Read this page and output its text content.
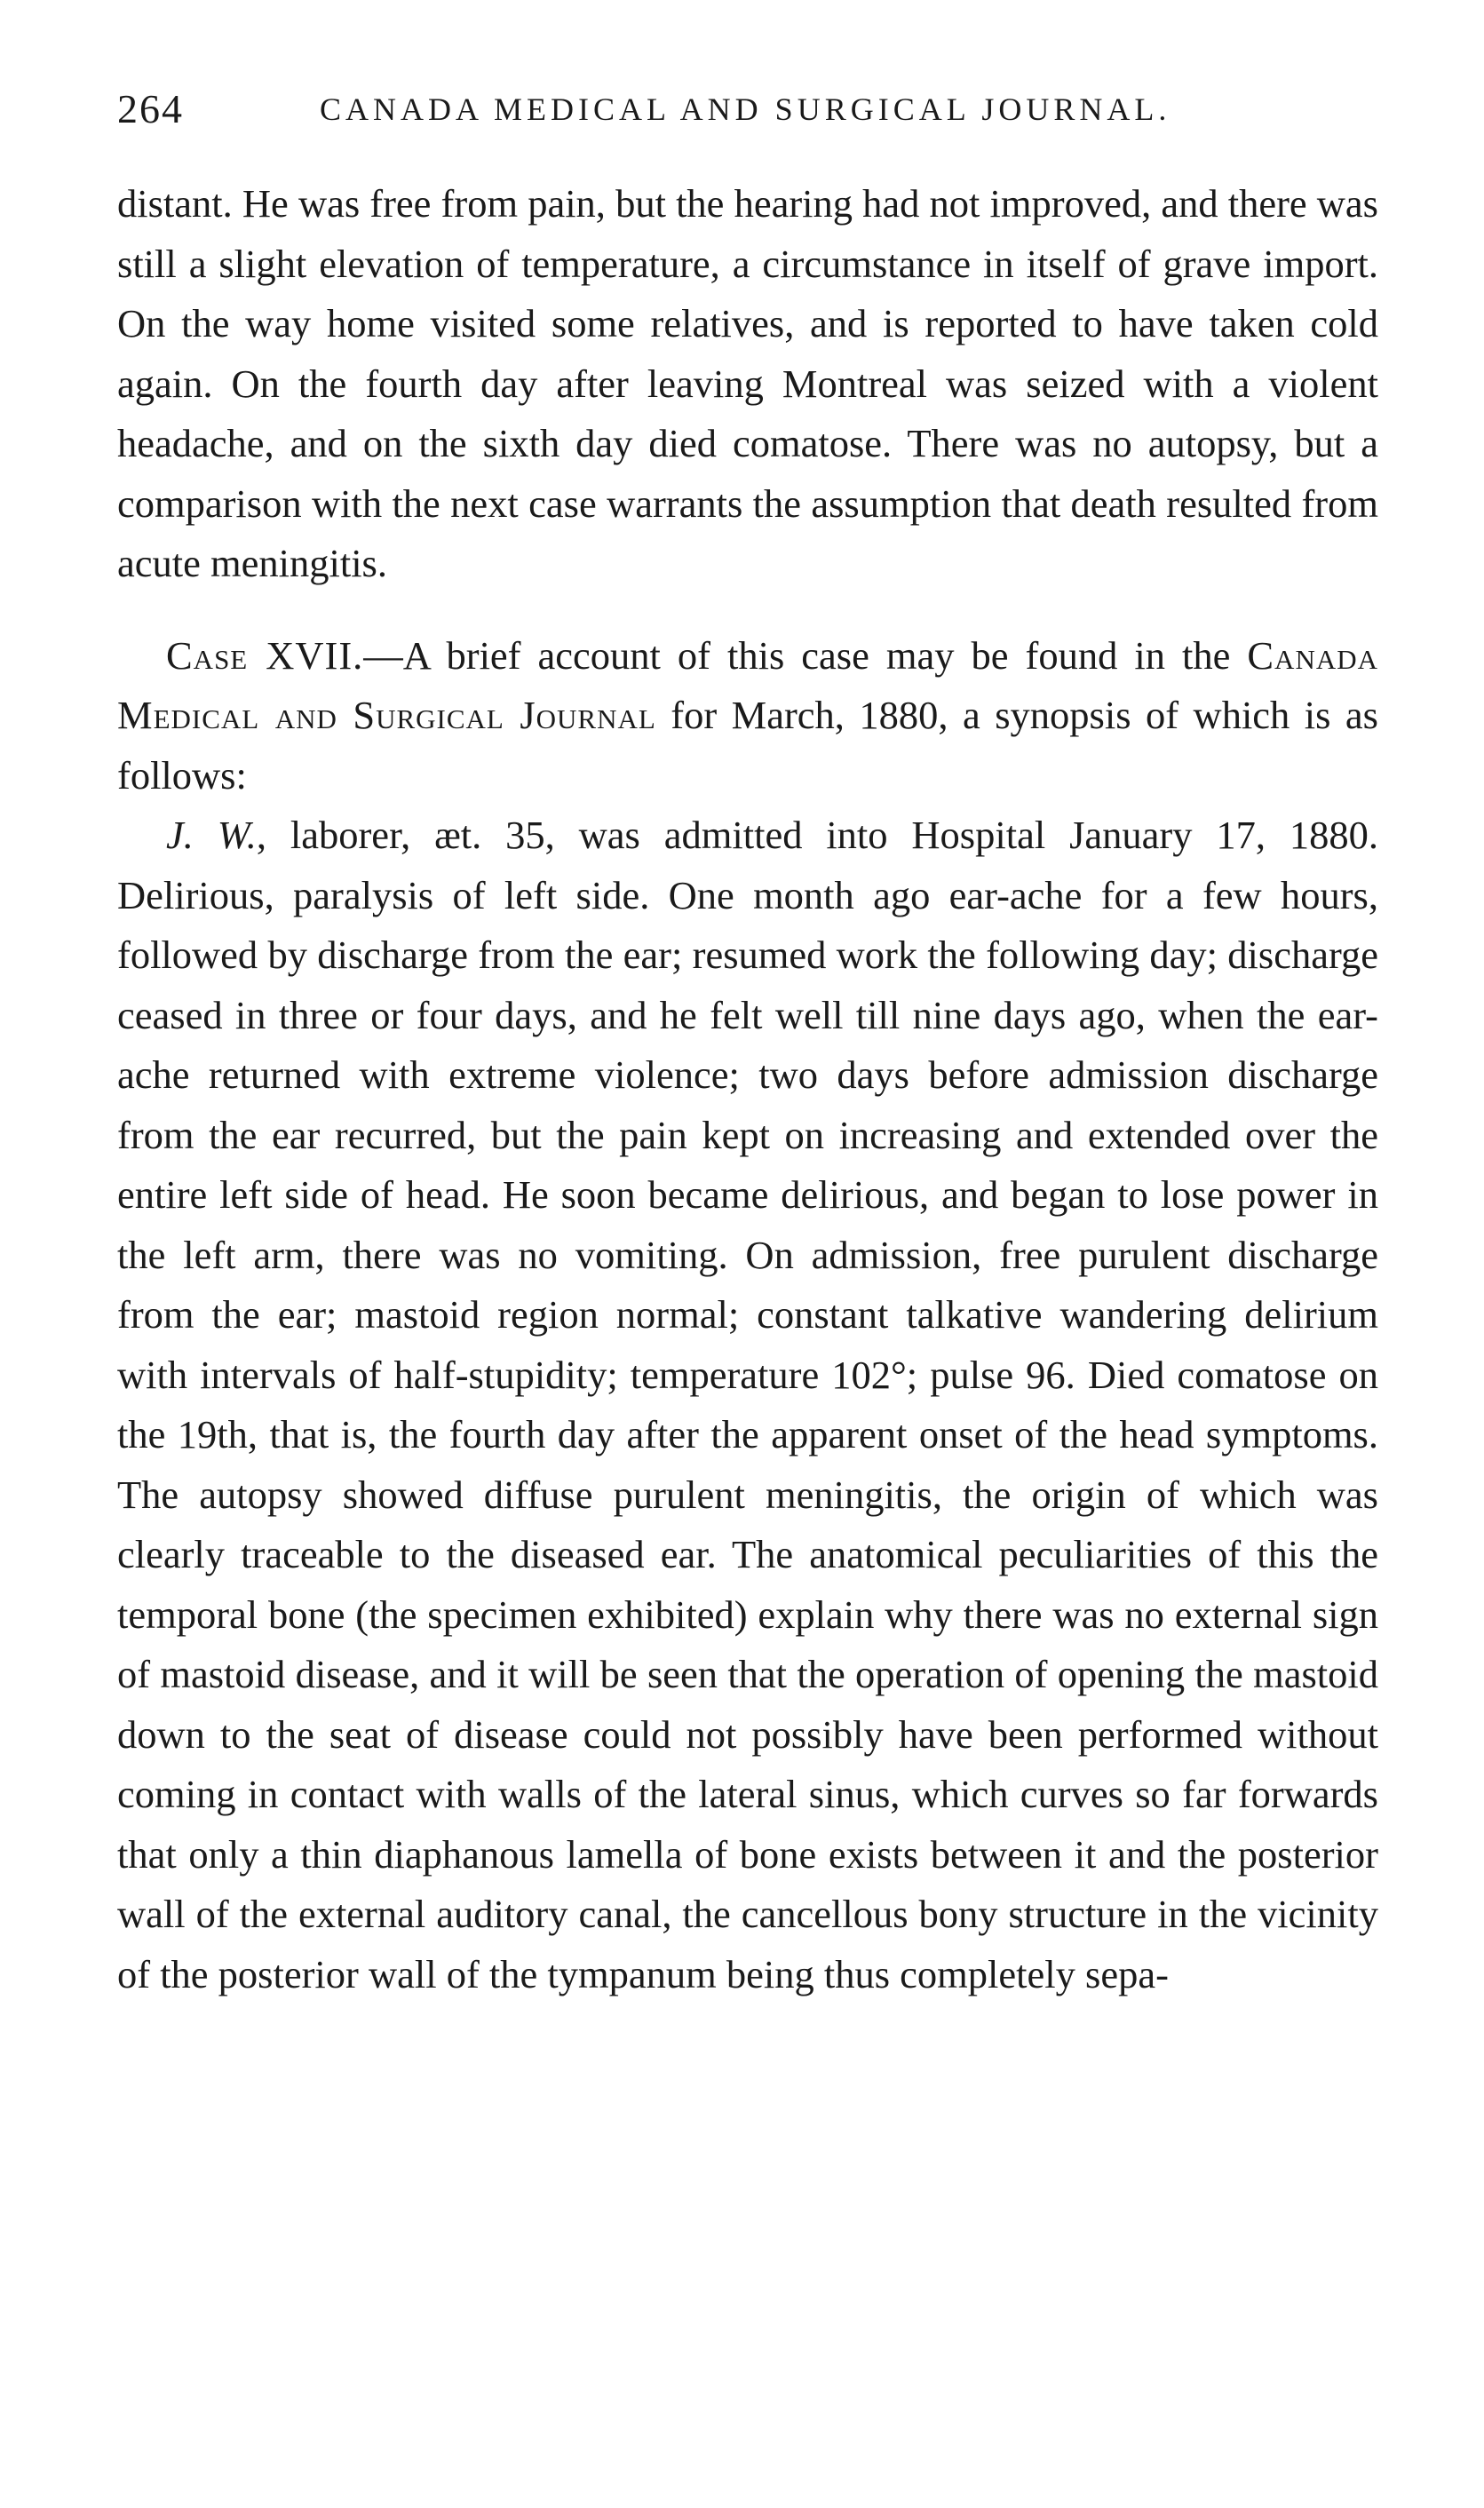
264	CANADA MEDICAL AND SURGICAL JOURNAL.

distant. He was free from pain, but the hearing had not improved, and there was still a slight elevation of temperature, a circumstance in itself of grave import. On the way home visited some relatives, and is reported to have taken cold again. On the fourth day after leaving Montreal was seized with a violent headache, and on the sixth day died comatose. There was no autopsy, but a comparison with the next case warrants the assumption that death resulted from acute meningitis.

Case XVII.—A brief account of this case may be found in the Canada Medical and Surgical Journal for March, 1880, a synopsis of which is as follows:

J. W., laborer, æt. 35, was admitted into Hospital January 17, 1880. Delirious, paralysis of left side. One month ago ear-ache for a few hours, followed by discharge from the ear; resumed work the following day; discharge ceased in three or four days, and he felt well till nine days ago, when the ear-ache returned with extreme violence; two days before admission discharge from the ear recurred, but the pain kept on increasing and extended over the entire left side of head. He soon became delirious, and began to lose power in the left arm, there was no vomiting. On admission, free purulent discharge from the ear; mastoid region normal; constant talkative wandering delirium with intervals of half-stupidity; temperature 102°; pulse 96. Died comatose on the 19th, that is, the fourth day after the apparent onset of the head symptoms. The autopsy showed diffuse purulent meningitis, the origin of which was clearly traceable to the diseased ear. The anatomical peculiarities of this the temporal bone (the specimen exhibited) explain why there was no external sign of mastoid disease, and it will be seen that the operation of opening the mastoid down to the seat of disease could not possibly have been performed without coming in contact with walls of the lateral sinus, which curves so far forwards that only a thin diaphanous lamella of bone exists between it and the posterior wall of the external auditory canal, the cancellous bony structure in the vicinity of the posterior wall of the tympanum being thus completely sepa-
